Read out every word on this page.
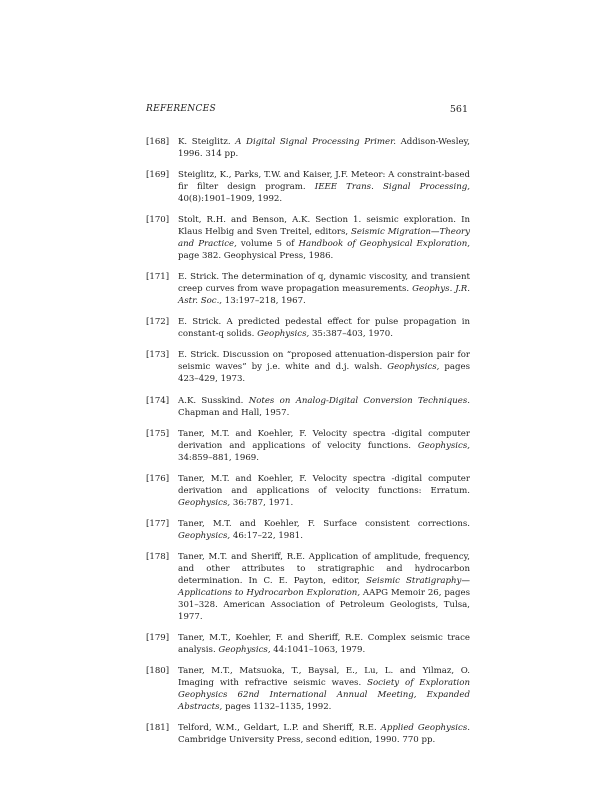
REFERENCES	561
[168] K. Steiglitz. A Digital Signal Processing Primer. Addison-Wesley, 1996. 314 pp.
[169] Steiglitz, K., Parks, T.W. and Kaiser, J.F. Meteor: A constraint-based fir filter design program. IEEE Trans. Signal Processing, 40(8):1901–1909, 1992.
[170] Stolt, R.H. and Benson, A.K. Section 1. seismic exploration. In Klaus Helbig and Sven Treitel, editors, Seismic Migration—Theory and Practice, volume 5 of Handbook of Geophysical Exploration, page 382. Geophysical Press, 1986.
[171] E. Strick. The determination of q, dynamic viscosity, and transient creep curves from wave propagation measurements. Geophys. J.R. Astr. Soc., 13:197–218, 1967.
[172] E. Strick. A predicted pedestal effect for pulse propagation in constant-q solids. Geophysics, 35:387–403, 1970.
[173] E. Strick. Discussion on “proposed attenuation-dispersion pair for seismic waves” by j.e. white and d.j. walsh. Geophysics, pages 423–429, 1973.
[174] A.K. Susskind. Notes on Analog-Digital Conversion Techniques. Chapman and Hall, 1957.
[175] Taner, M.T. and Koehler, F. Velocity spectra -digital computer derivation and applications of velocity functions. Geophysics, 34:859–881, 1969.
[176] Taner, M.T. and Koehler, F. Velocity spectra -digital computer derivation and applications of velocity functions: Erratum. Geophysics, 36:787, 1971.
[177] Taner, M.T. and Koehler, F. Surface consistent corrections. Geophysics, 46:17–22, 1981.
[178] Taner, M.T. and Sheriff, R.E. Application of amplitude, frequency, and other attributes to stratigraphic and hydrocarbon determination. In C. E. Payton, editor, Seismic Stratigraphy—Applications to Hydrocarbon Exploration, AAPG Memoir 26, pages 301–328. American Association of Petroleum Geologists, Tulsa, 1977.
[179] Taner, M.T., Koehler, F. and Sheriff, R.E. Complex seismic trace analysis. Geophysics, 44:1041–1063, 1979.
[180] Taner, M.T., Matsuoka, T., Baysal, E., Lu, L. and Yilmaz, O. Imaging with refractive seismic waves. Society of Exploration Geophysics 62nd International Annual Meeting, Expanded Abstracts, pages 1132–1135, 1992.
[181] Telford, W.M., Geldart, L.P. and Sheriff, R.E. Applied Geophysics. Cambridge University Press, second edition, 1990. 770 pp.
